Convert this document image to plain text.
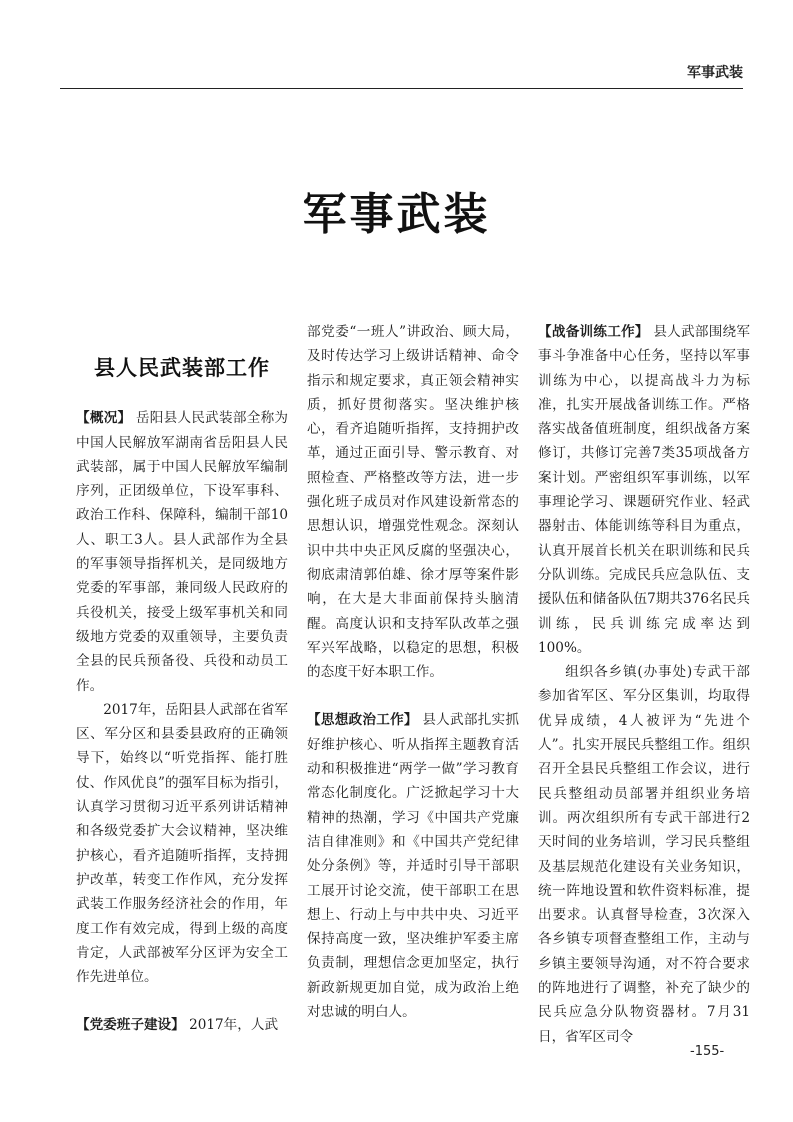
军事武装
军事武装
县人民武装部工作

【概况】 岳阳县人民武装部全称为中国人民解放军湖南省岳阳县人民武装部，属于中国人民解放军编制序列，正团级单位，下设军事科、政治工作科、保障科，编制干部10人、职工3人。县人武部作为全县的军事领导指挥机关，是同级地方党委的军事部，兼同级人民政府的兵役机关，接受上级军事机关和同级地方党委的双重领导，主要负责全县的民兵预备役、兵役和动员工作。

2017年，岳阳县人武部在省军区、军分区和县委县政府的正确领导下，始终以“听党指挥、能打胜仗、作风优良”的强军目标为指引，认真学习贯彻习近平系列讲话精神和各级党委扩大会议精神，坚决维护核心，看齐追随听指挥，支持拥护改革，转变工作作风，充分发挥武装工作服务经济社会的作用，年度工作有效完成，得到上级的高度肯定，人武部被军分区评为安全工作先进单位。

【党委班子建设】 2017年，人武

部党委“一班人”讲政治、顾大局，及时传达学习上级讲话精神、命令指示和规定要求，真正领会精神实质，抓好贯彻落实。坚决维护核心，看齐追随听指挥，支持拥护改革，通过正面引导、警示教育、对照检查、严格整改等方法，进一步强化班子成员对作风建设新常态的思想认识，增强党性观念。深刻认识中共中央正风反腐的坚强决心，彻底肃清郭伯雄、徐才厚等案件影响，在大是大非面前保持头脑清醒。高度认识和支持军队改革之强军兴军战略，以稳定的思想，积极的态度干好本职工作。

【思想政治工作】 县人武部扎实抓好维护核心、听从指挥主题教育活动和积极推进“两学一做”学习教育常态化制度化。广泛掀起学习十大精神的热潮，学习《中国共产党廉洁自律准则》和《中国共产党纪律处分条例》等，并适时引导干部职工展开讨论交流，使干部职工在思想上、行动上与中共中央、习近平保持高度一致，坚决维护军委主席负责制，理想信念更加坚定，执行新政新规更加自觉，成为政治上绝对忠诚的明白人。

【战备训练工作】 县人武部围绕军事斗争准备中心任务，坚持以军事训练为中心，以提高战斗力为标准，扎实开展战备训练工作。严格落实战备值班制度，组织战备方案修订，共修订完善7类35项战备方案计划。严密组织军事训练，以军事理论学习、课题研究作业、轻武器射击、体能训练等科目为重点，认真开展首长机关在职训练和民兵分队训练。完成民兵应急队伍、支援队伍和储备队伍7期共376名民兵训练，民兵训练完成率达到100%。

组织各乡镇(办事处)专武干部参加省军区、军分区集训，均取得优异成绩，4人被评为“先进个人”。扎实开展民兵整组工作。组织召开全县民兵整组工作会议，进行民兵整组动员部署并组织业务培训。两次组织所有专武干部进行2天时间的业务培训，学习民兵整组及基层规范化建设有关业务知识，统一阵地设置和软件资料标准，提出要求。认真督导检查，3次深入各乡镇专项督查整组工作，主动与乡镇主要领导沟通，对不符合要求的阵地进行了调整，补充了缺少的民兵应急分队物资器材。7月31日，省军区司令

-155-
